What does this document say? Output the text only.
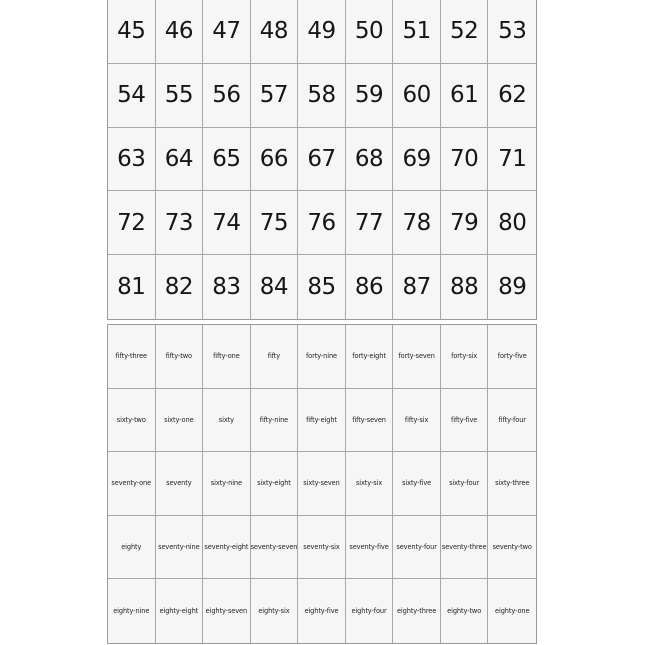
45 46 47 48 49 50 51 52 53
54 55 56 57 58 59 60 61 62
63 64 65 66 67 68 69 70 71
72 73 74 75 76 77 78 79 80
81 82 83 84 85 86 87 88 89
fifty-three	fifty-two	fifty-one	fifty	forty-nine forty-eight forty-seven forty-six	forty-five
sixty-two	sixty-one	sixty	fifty-nine	fifty-eight fifty-seven	fifty-six	fifty-five	fifty-four
seventy-one seventy	sixty-nine sixty-eight sixty-seven sixty-six	sixty-five	sixty-four sixty-three
eighty	seventy-nine seventy-eight seventy-seven seventy-six seventy-five seventy-four seventy-three seventy-two
eighty-nine eighty-eight eighty-seven eighty-six eighty-five eighty-four eighty-three eighty-two eighty-one
